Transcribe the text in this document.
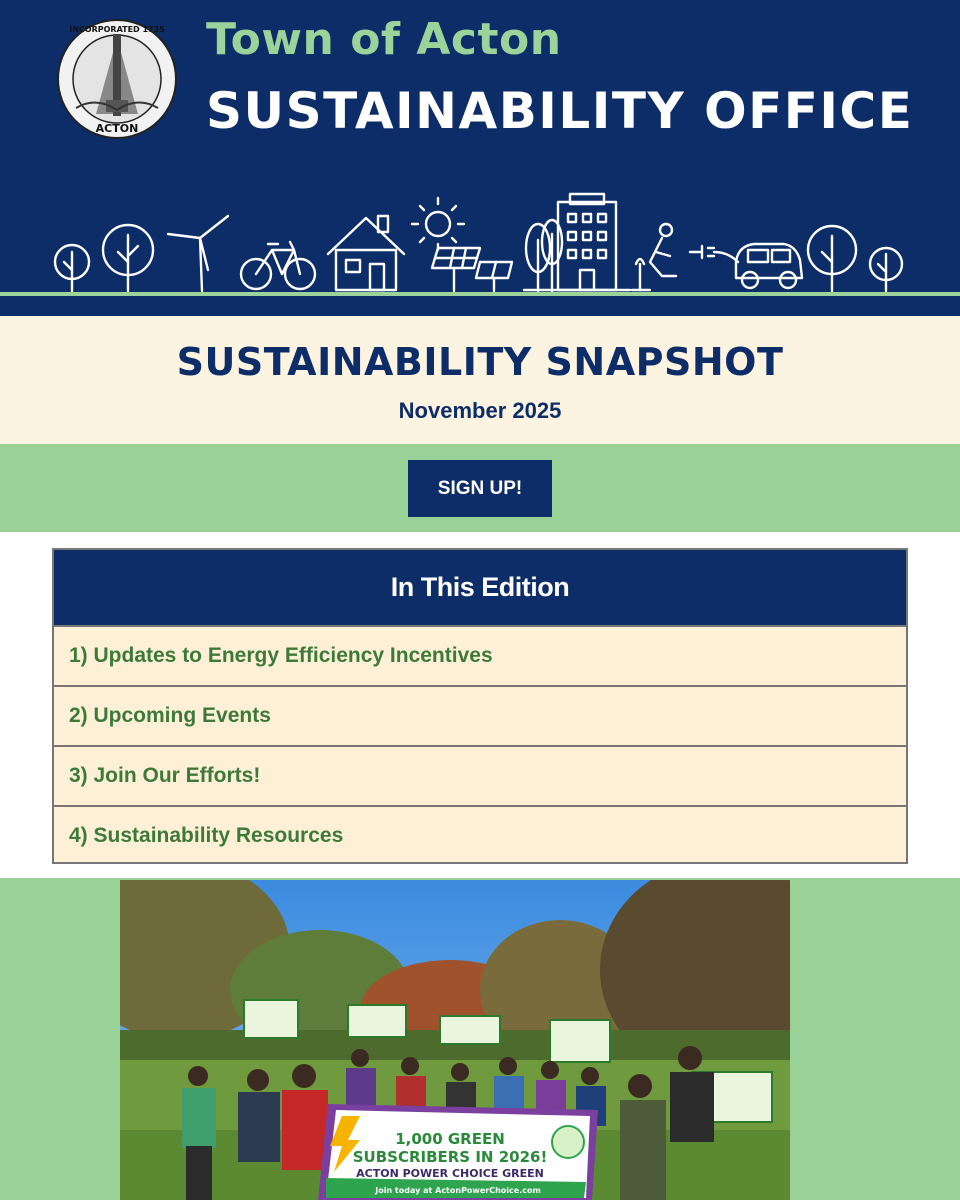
ACTON
INCORPORATED 1735 Town of Acton
SUSTAINABILITY OFFICE
SUSTAINABILITY SNAPSHOT
November 2025
SIGN UP!
In This Edition
1) Updates to Energy Efficiency Incentives
2) Upcoming Events
3) Join Our Efforts!
4) Sustainability Resources
1,000 GREEN
SUBSCRIBERS IN 2026!
ACTON POWER CHOICE GREEN
Join today at ActonPowerChoice.com
